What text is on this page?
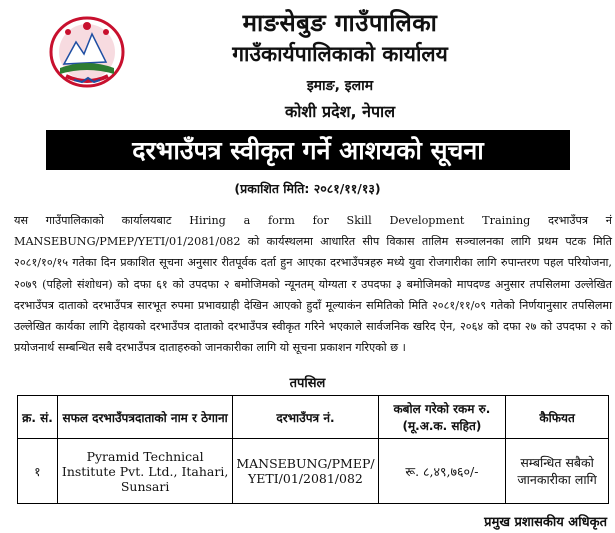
माङसेबुङ गाउँपालिका
गाउँकार्यपालिकाको कार्यालय
इमाङ, इलाम
कोशी प्रदेश, नेपाल
दरभाउँपत्र स्वीकृत गर्ने आशयको सूचना
(प्रकाशित मिति: २०८१/११/१३)
यस गाउँपालिकाको कार्यालयबाट Hiring a form for Skill Development Training दरभाउँपत्र नं MANSEBUNG/PMEP/YETI/01/2081/082 को कार्यस्थलमा आधारित सीप विकास तालिम सञ्चालनका लागि प्रथम पटक मिति २०८१/१०/१५ गतेका दिन प्रकाशित सूचना अनुसार रीतपूर्वक दर्ता हुन आएका दरभाउँपत्रहरु मध्ये युवा रोजगारीका लागि रुपान्तरण पहल परियोजना, २०७९ (पहिलो संशोधन) को दफा ६१ को उपदफा २ बमोजिमको न्यूनतम् योग्यता र उपदफा ३ बमोजिमको मापदण्ड अनुसार तपसिलमा उल्लेखित दरभाउँपत्र दाताको दरभाउँपत्र सारभूत रुपमा प्रभावग्राही देखिन आएको हुदाँ मूल्याकंन समितिको मिति २०८१/११/०९ गतेको निर्णयानुसार तपसिलमा उल्लेखित कार्यका लागि देहायको दरभाउँपत्र दाताको दरभाउँपत्र स्वीकृत गरिने भएकाले सार्वजनिक खरिद ऐन, २०६४ को दफा २७ को उपदफा २ को प्रयोजनार्थ सम्बन्धित सबै दरभाउँपत्र दाताहरुको जानकारीका लागि यो सूचना प्रकाशन गरिएको छ ।
तपसिल
क्र. सं.	सफल दरभाउँपत्रदाताको नाम र ठेगाना	दरभाउँपत्र नं.	कबोल गरेको रकम रु. (मू.अ.क. सहित)	कैफियत
१	Pyramid Technical Institute Pvt. Ltd., Itahari, Sunsari	MANSEBUNG/PMEP/ YETI/01/2081/082	रू. ८,४९,७६०/-	सम्बन्धित सबैको जानकारीका लागि
प्रमुख प्रशासकीय अधिकृत
